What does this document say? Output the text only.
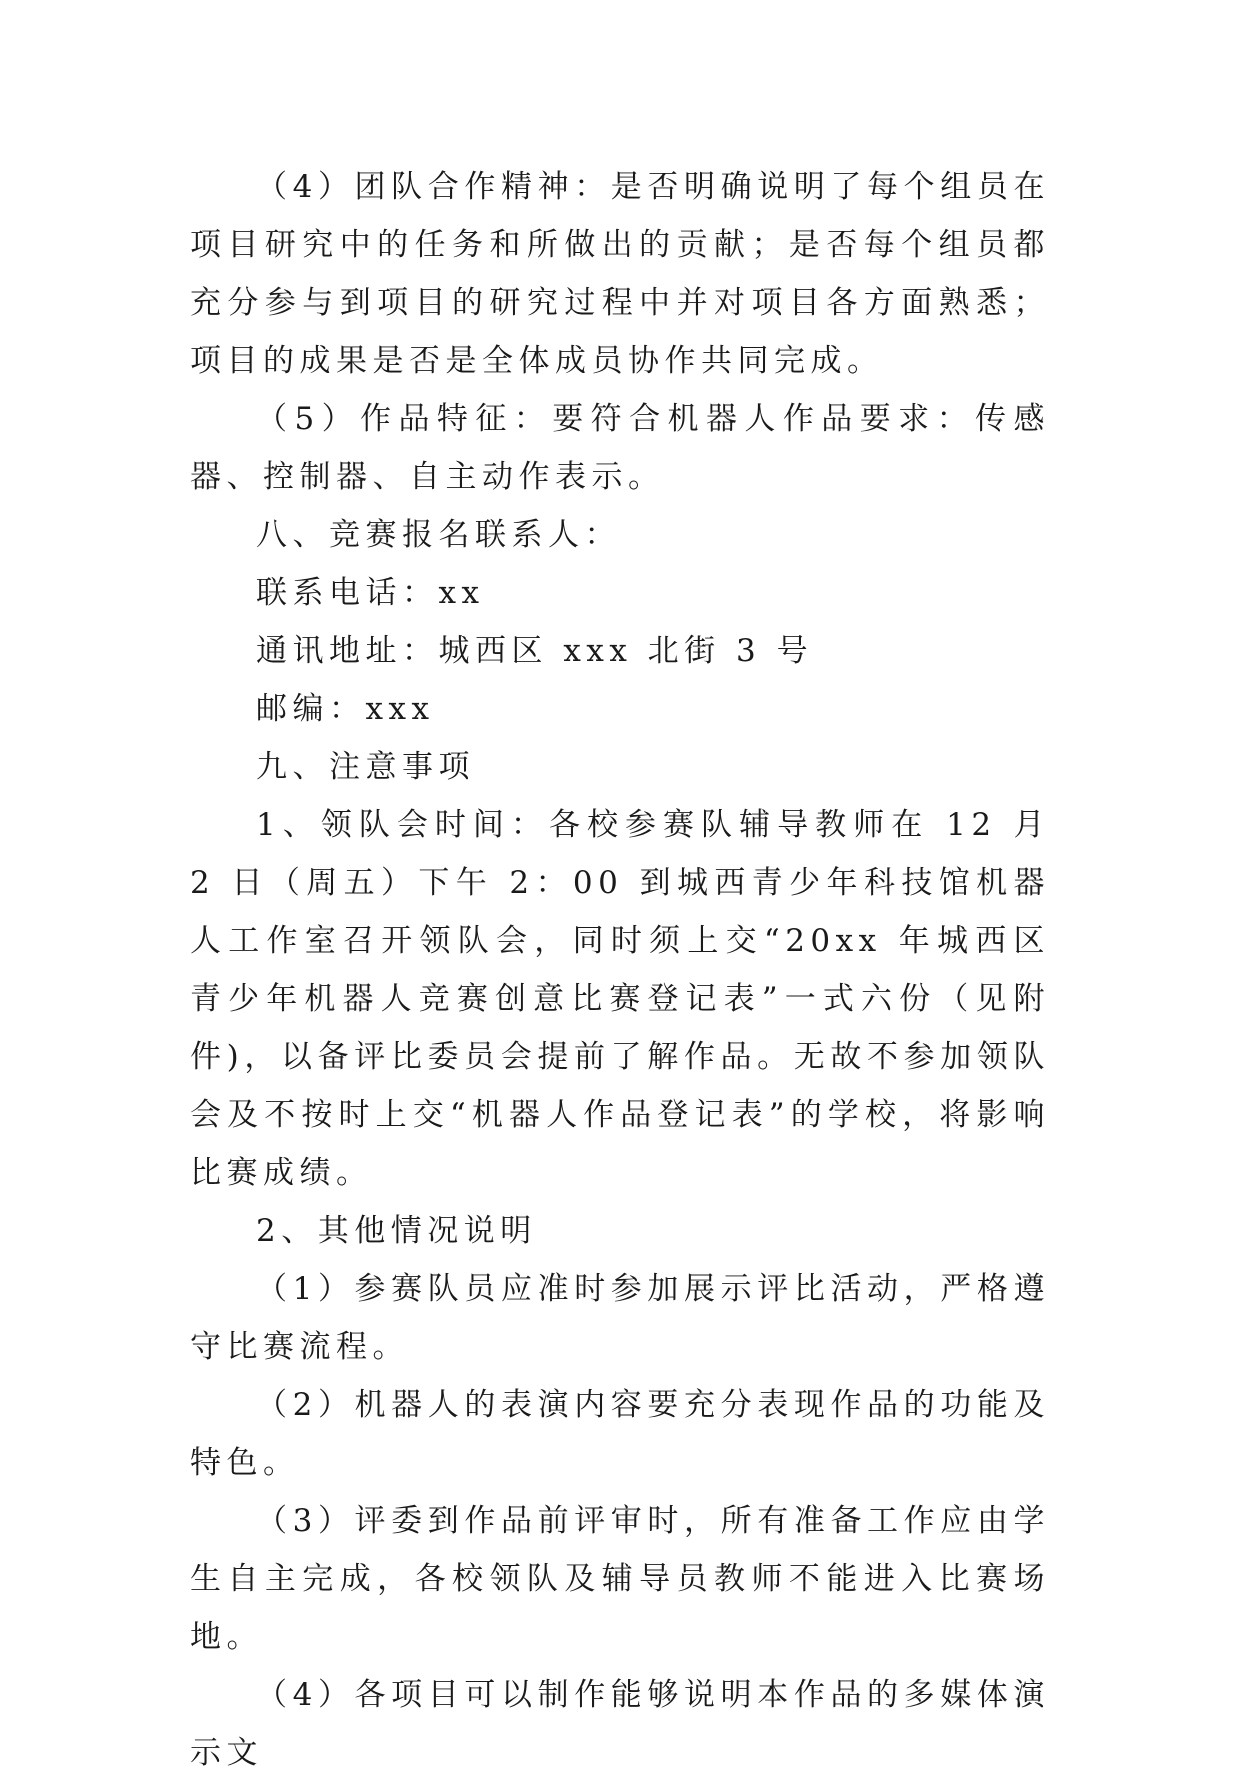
（4）团队合作精神：是否明确说明了每个组员在项目研究中的任务和所做出的贡献；是否每个组员都充分参与到项目的研究过程中并对项目各方面熟悉；项目的成果是否是全体成员协作共同完成。

（5）作品特征：要符合机器人作品要求：传感器、控制器、自主动作表示。

八、竞赛报名联系人：

联系电话：xx

通讯地址：城西区 xxx 北街 3 号

邮编：xxx

九、注意事项

1、领队会时间：各校参赛队辅导教师在 12 月 2 日（周五）下午 2：00 到城西青少年科技馆机器人工作室召开领队会，同时须上交“20xx 年城西区青少年机器人竞赛创意比赛登记表”一式六份（见附件)，以备评比委员会提前了解作品。无故不参加领队会及不按时上交“机器人作品登记表”的学校，将影响比赛成绩。

2、其他情况说明

（1）参赛队员应准时参加展示评比活动，严格遵守比赛流程。

（2）机器人的表演内容要充分表现作品的功能及特色。

（3）评委到作品前评审时，所有准备工作应由学生自主完成，各校领队及辅导员教师不能进入比赛场地。

（4）各项目可以制作能够说明本作品的多媒体演示文
